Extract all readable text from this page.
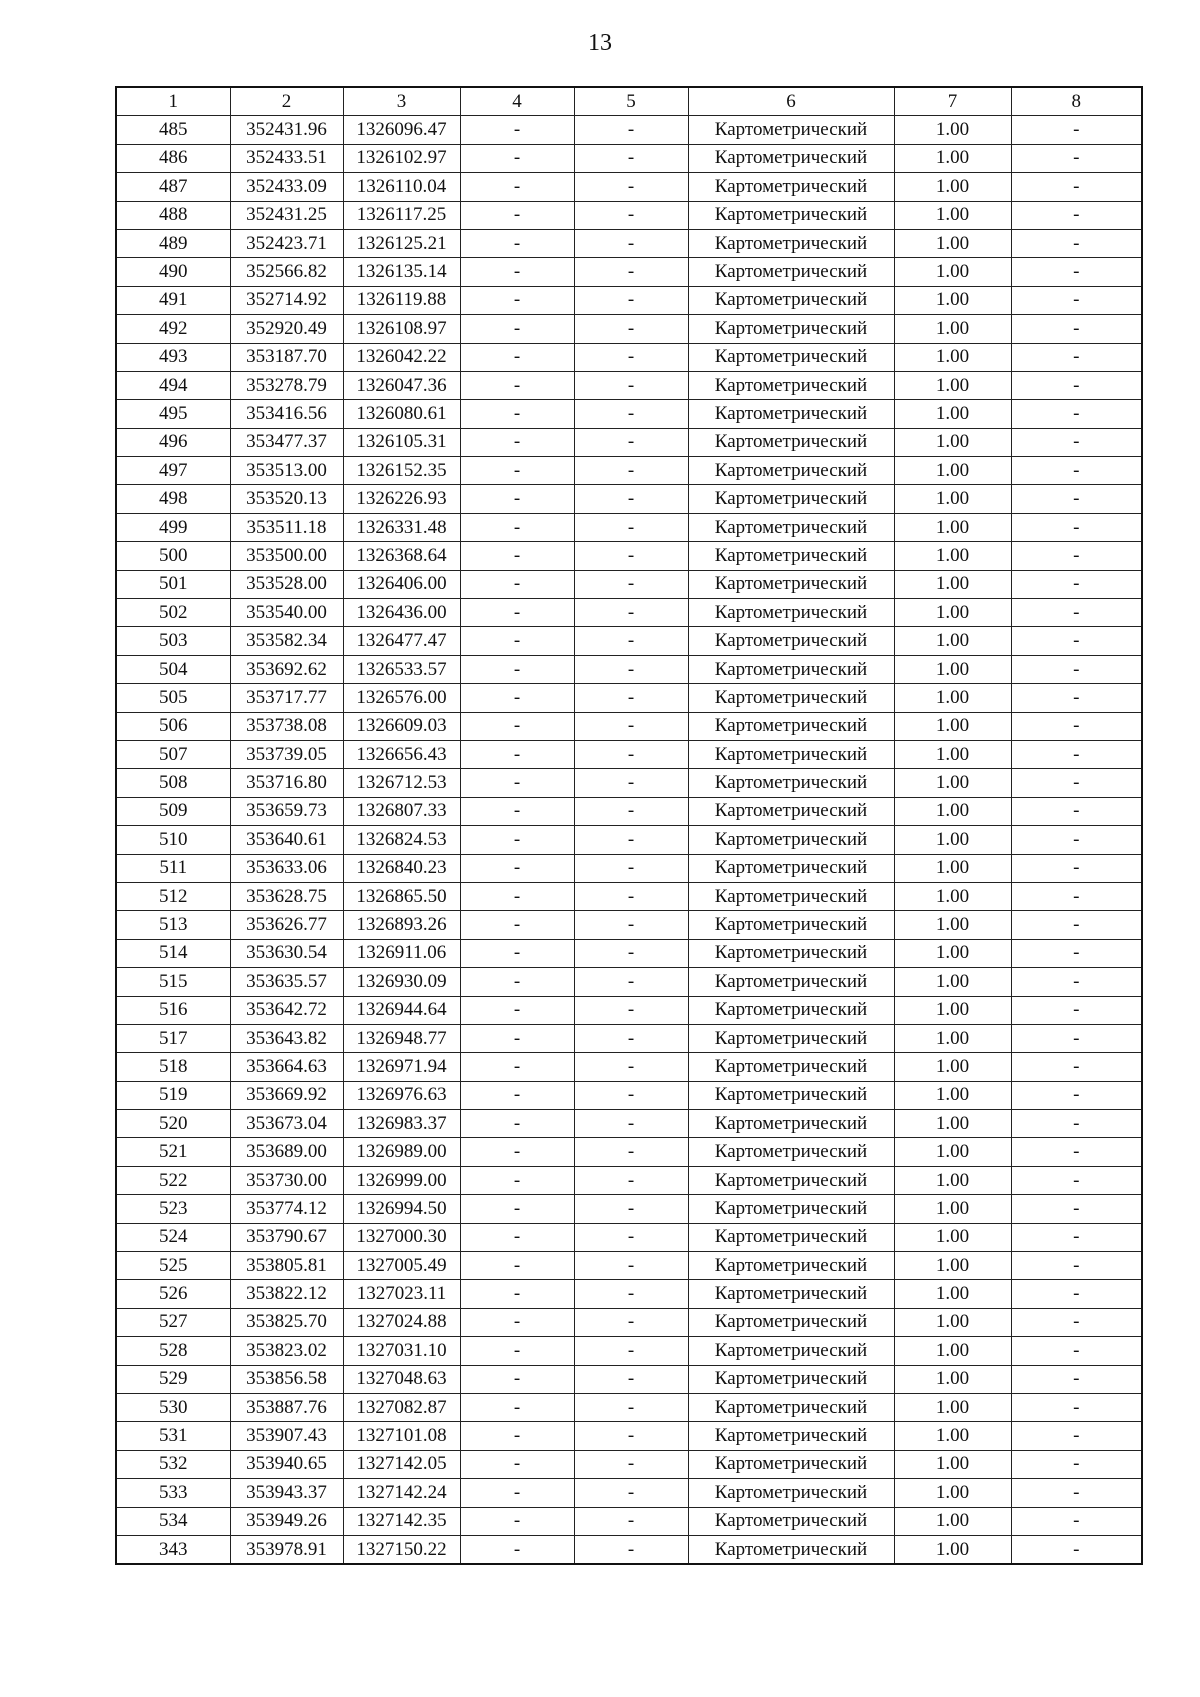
13
1	2	3	4	5	6	7	8
485	352431.96	1326096.47	-	-	Картометрический	1.00	-
486	352433.51	1326102.97	-	-	Картометрический	1.00	-
487	352433.09	1326110.04	-	-	Картометрический	1.00	-
488	352431.25	1326117.25	-	-	Картометрический	1.00	-
489	352423.71	1326125.21	-	-	Картометрический	1.00	-
490	352566.82	1326135.14	-	-	Картометрический	1.00	-
491	352714.92	1326119.88	-	-	Картометрический	1.00	-
492	352920.49	1326108.97	-	-	Картометрический	1.00	-
493	353187.70	1326042.22	-	-	Картометрический	1.00	-
494	353278.79	1326047.36	-	-	Картометрический	1.00	-
495	353416.56	1326080.61	-	-	Картометрический	1.00	-
496	353477.37	1326105.31	-	-	Картометрический	1.00	-
497	353513.00	1326152.35	-	-	Картометрический	1.00	-
498	353520.13	1326226.93	-	-	Картометрический	1.00	-
499	353511.18	1326331.48	-	-	Картометрический	1.00	-
500	353500.00	1326368.64	-	-	Картометрический	1.00	-
501	353528.00	1326406.00	-	-	Картометрический	1.00	-
502	353540.00	1326436.00	-	-	Картометрический	1.00	-
503	353582.34	1326477.47	-	-	Картометрический	1.00	-
504	353692.62	1326533.57	-	-	Картометрический	1.00	-
505	353717.77	1326576.00	-	-	Картометрический	1.00	-
506	353738.08	1326609.03	-	-	Картометрический	1.00	-
507	353739.05	1326656.43	-	-	Картометрический	1.00	-
508	353716.80	1326712.53	-	-	Картометрический	1.00	-
509	353659.73	1326807.33	-	-	Картометрический	1.00	-
510	353640.61	1326824.53	-	-	Картометрический	1.00	-
511	353633.06	1326840.23	-	-	Картометрический	1.00	-
512	353628.75	1326865.50	-	-	Картометрический	1.00	-
513	353626.77	1326893.26	-	-	Картометрический	1.00	-
514	353630.54	1326911.06	-	-	Картометрический	1.00	-
515	353635.57	1326930.09	-	-	Картометрический	1.00	-
516	353642.72	1326944.64	-	-	Картометрический	1.00	-
517	353643.82	1326948.77	-	-	Картометрический	1.00	-
518	353664.63	1326971.94	-	-	Картометрический	1.00	-
519	353669.92	1326976.63	-	-	Картометрический	1.00	-
520	353673.04	1326983.37	-	-	Картометрический	1.00	-
521	353689.00	1326989.00	-	-	Картометрический	1.00	-
522	353730.00	1326999.00	-	-	Картометрический	1.00	-
523	353774.12	1326994.50	-	-	Картометрический	1.00	-
524	353790.67	1327000.30	-	-	Картометрический	1.00	-
525	353805.81	1327005.49	-	-	Картометрический	1.00	-
526	353822.12	1327023.11	-	-	Картометрический	1.00	-
527	353825.70	1327024.88	-	-	Картометрический	1.00	-
528	353823.02	1327031.10	-	-	Картометрический	1.00	-
529	353856.58	1327048.63	-	-	Картометрический	1.00	-
530	353887.76	1327082.87	-	-	Картометрический	1.00	-
531	353907.43	1327101.08	-	-	Картометрический	1.00	-
532	353940.65	1327142.05	-	-	Картометрический	1.00	-
533	353943.37	1327142.24	-	-	Картометрический	1.00	-
534	353949.26	1327142.35	-	-	Картометрический	1.00	-
343	353978.91	1327150.22	-	-	Картометрический	1.00	-
